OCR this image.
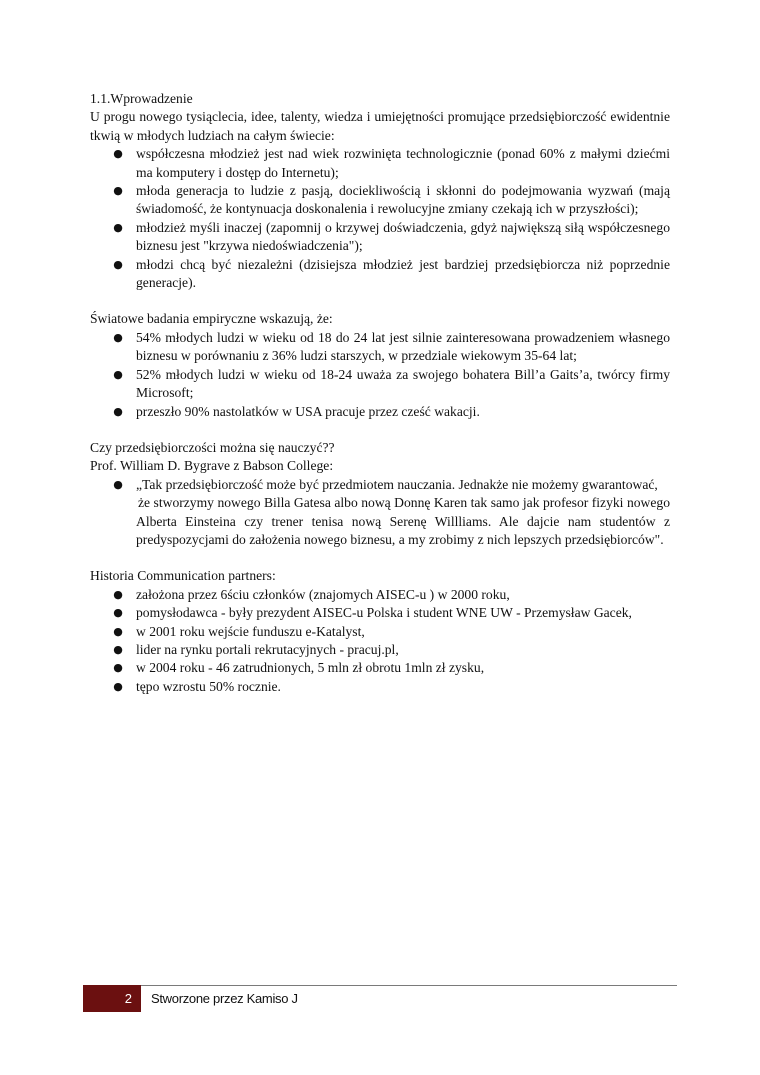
1.1.Wprowadzenie

U progu nowego tysiąclecia, idee, talenty, wiedza i umiejętności promujące przedsiębiorczość ewidentnie tkwią w młodych ludziach na całym świecie:

● współczesna młodzież jest nad wiek rozwinięta technologicznie (ponad 60% z małymi dziećmi ma komputery i dostęp do Internetu);
● młoda generacja to ludzie z pasją, dociekliwością i skłonni do podejmowania wyzwań (mają świadomość, że kontynuacja doskonalenia i rewolucyjne zmiany czekają ich w przyszłości);
● młodzież myśli inaczej (zapomnij o krzywej doświadczenia, gdyż największą siłą współczesnego biznesu jest "krzywa niedoświadczenia");
● młodzi chcą być niezależni (dzisiejsza młodzież jest bardziej przedsiębiorcza niż poprzednie generacje).

Światowe badania empiryczne wskazują, że:

● 54% młodych ludzi w wieku od 18 do 24 lat jest silnie zainteresowana prowadzeniem własnego biznesu w porównaniu z 36% ludzi starszych, w przedziale wiekowym 35-64 lat;
● 52% młodych ludzi w wieku od 18-24 uważa za swojego bohatera Bill’a Gaits’a, twórcy firmy Microsoft;
● przeszło 90% nastolatków w USA pracuje przez cześć wakacji.

Czy przedsiębiorczości można się nauczyć??

Prof. William D. Bygrave z Babson College:

● „Tak przedsiębiorczość może być przedmiotem nauczania. Jednakże nie możemy gwarantować,
że stworzymy nowego Billa Gatesa albo nową Donnę Karen tak samo jak profesor fizyki nowego Alberta Einsteina czy trener tenisa nową Serenę Willliams. Ale dajcie nam studentów z predyspozycjami do założenia nowego biznesu, a my zrobimy z nich lepszych przedsiębiorców".

Historia Communication partners:

● założona przez 6ściu członków (znajomych AISEC-u ) w 2000 roku,
● pomysłodawca - były prezydent AISEC-u Polska i student WNE UW - Przemysław Gacek,
● w 2001 roku wejście funduszu e-Katalyst,
● lider na rynku portali rekrutacyjnych - pracuj.pl,
● w 2004 roku - 46 zatrudnionych, 5 mln zł obrotu 1mln zł zysku,
● tępo wzrostu 50% rocznie.
2	Stworzone przez Kamiso J
